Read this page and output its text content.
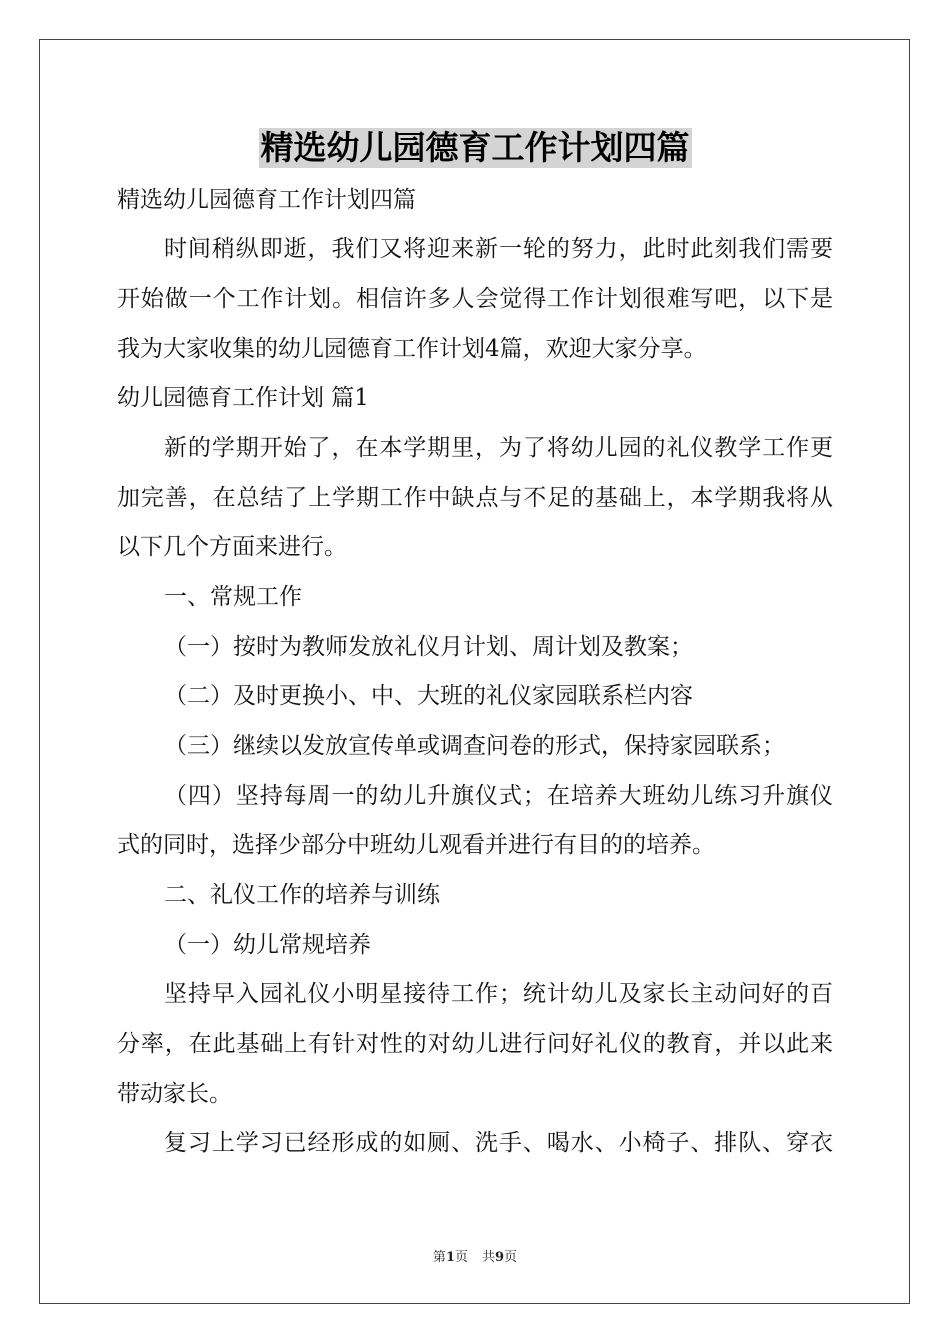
精选幼儿园德育工作计划四篇
精选幼儿园德育工作计划四篇
时间稍纵即逝，我们又将迎来新一轮的努力，此时此刻我们需要
开始做一个工作计划。相信许多人会觉得工作计划很难写吧，以下是
我为大家收集的幼儿园德育工作计划4篇，欢迎大家分享。
幼儿园德育工作计划 篇1
新的学期开始了，在本学期里，为了将幼儿园的礼仪教学工作更
加完善，在总结了上学期工作中缺点与不足的基础上，本学期我将从
以下几个方面来进行。
一、常规工作
（一）按时为教师发放礼仪月计划、周计划及教案；
（二）及时更换小、中、大班的礼仪家园联系栏内容
（三）继续以发放宣传单或调查问卷的形式，保持家园联系；
（四）坚持每周一的幼儿升旗仪式；在培养大班幼儿练习升旗仪
式的同时，选择少部分中班幼儿观看并进行有目的的培养。
二、礼仪工作的培养与训练
（一）幼儿常规培养
坚持早入园礼仪小明星接待工作；统计幼儿及家长主动问好的百
分率，在此基础上有针对性的对幼儿进行问好礼仪的教育，并以此来
带动家长。
复习上学习已经形成的如厕、洗手、喝水、小椅子、排队、穿衣
第1页 共9页
